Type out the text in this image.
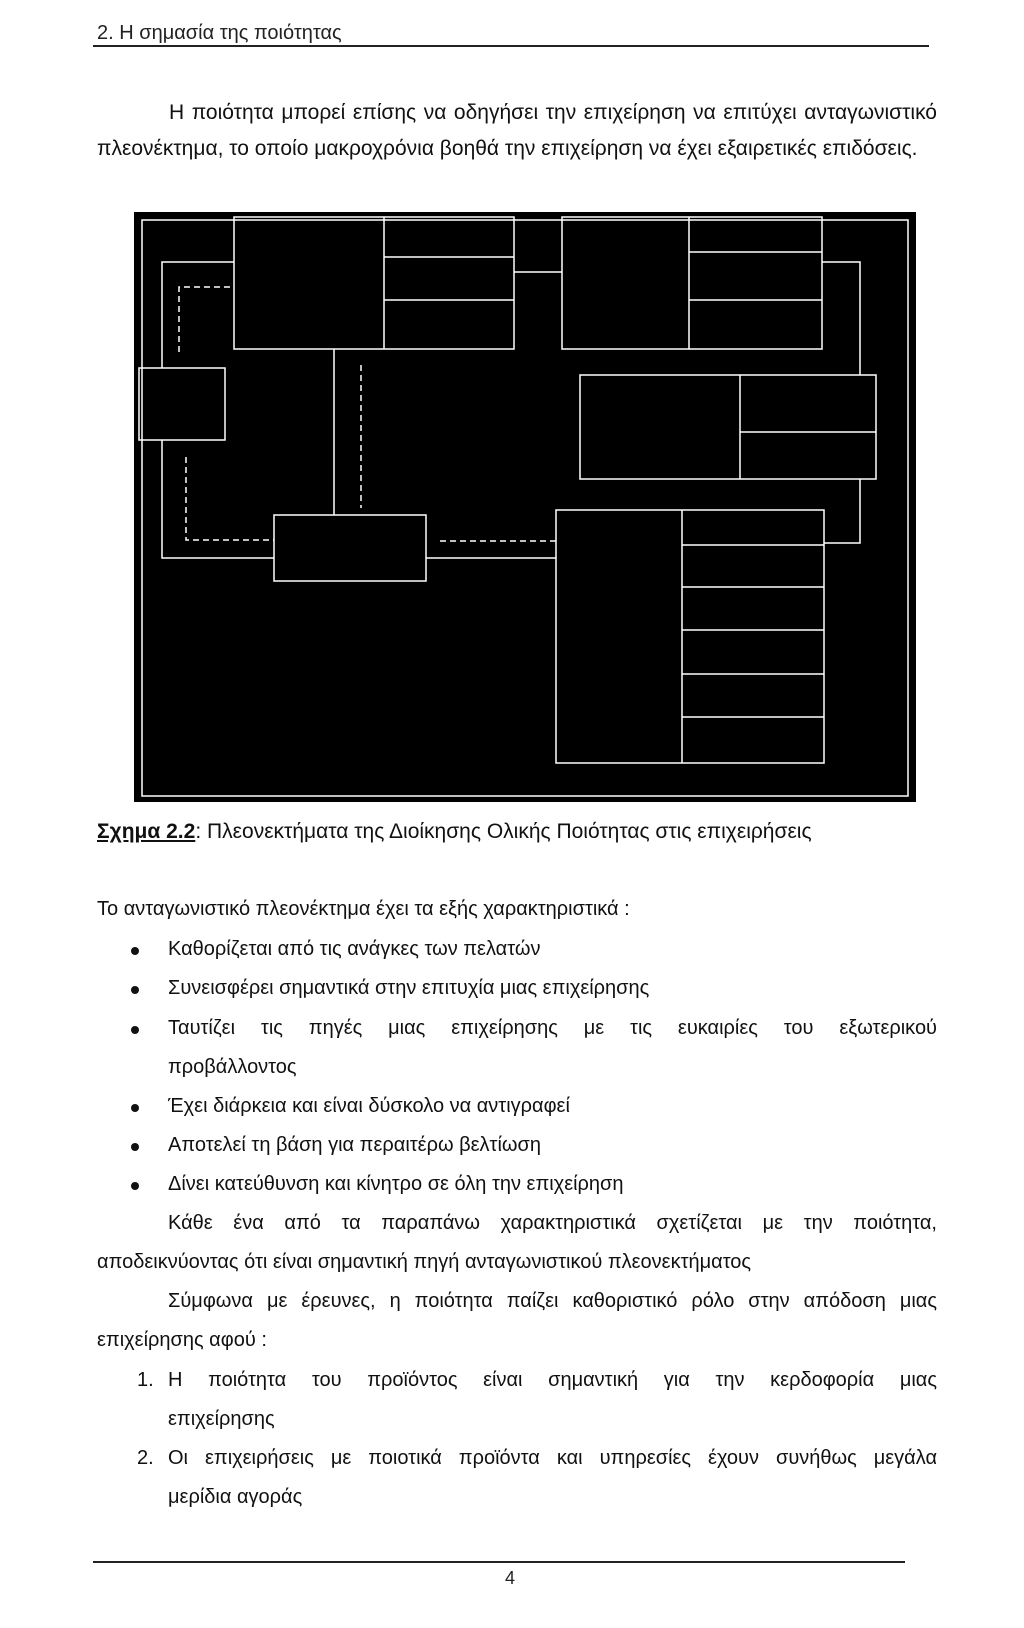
2. Η σημασία της ποιότητας
Η ποιότητα μπορεί επίσης να οδηγήσει την επιχείρηση να επιτύχει ανταγωνιστικό πλεονέκτημα, το οποίο μακροχρόνια βοηθά την επιχείρηση να έχει εξαιρετικές επιδόσεις.
Σχημα 2.2: Πλεονεκτήματα της Διοίκησης Ολικής Ποιότητας στις επιχειρήσεις
Το ανταγωνιστικό πλεονέκτημα έχει τα εξής χαρακτηριστικά :
Καθορίζεται από τις ανάγκες των πελατών
Συνεισφέρει σημαντικά στην επιτυχία μιας επιχείρησης
Ταυτίζει τις πηγές μιας επιχείρησης με τις ευκαιρίες του εξωτερικού
προβάλλοντος
Έχει διάρκεια και είναι δύσκολο να αντιγραφεί
Αποτελεί τη βάση για περαιτέρω βελτίωση
Δίνει κατεύθυνση και κίνητρο σε όλη την επιχείρηση
Κάθε ένα από τα παραπάνω χαρακτηριστικά σχετίζεται με την ποιότητα,
αποδεικνύοντας ότι είναι σημαντική πηγή ανταγωνιστικού πλεονεκτήματος
Σύμφωνα με έρευνες, η ποιότητα παίζει καθοριστικό ρόλο στην απόδοση μιας
επιχείρησης αφού :
1. Η ποιότητα του προϊόντος είναι σημαντική για την κερδοφορία μιας
επιχείρησης
2. Οι επιχειρήσεις με ποιοτικά προϊόντα και υπηρεσίες έχουν συνήθως μεγάλα
μερίδια αγοράς
4
